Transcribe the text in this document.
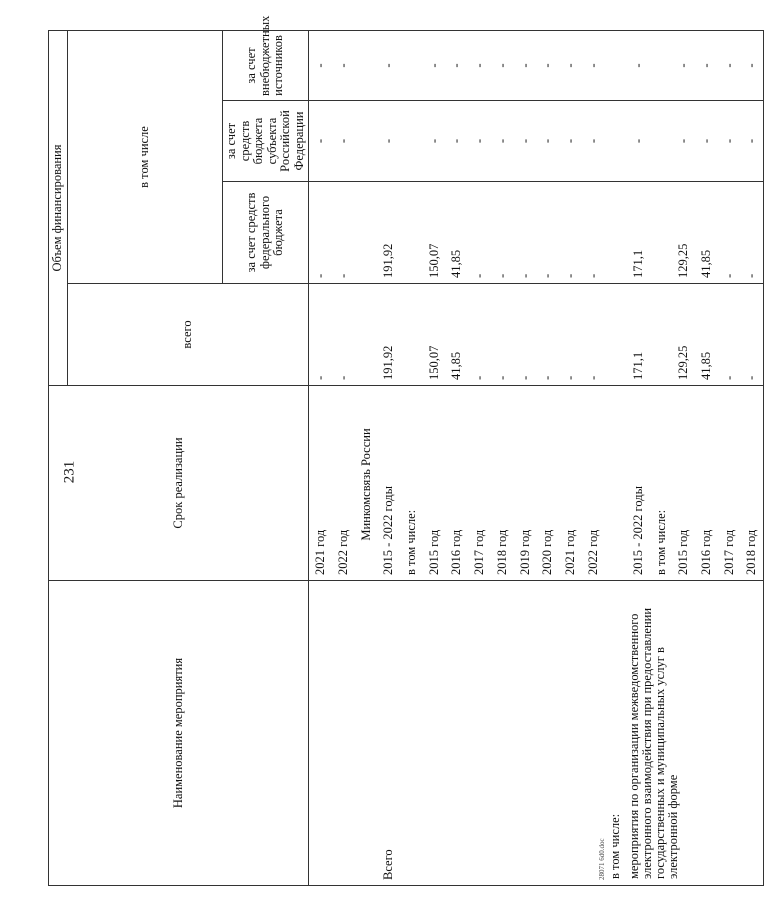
231
28071 6d0.doc
Наименование мероприятия	Срок реализации	Объем финансирования			
		всего	в том числе		
			за счет средств федерального бюджета	за счет средств бюджета субъекта Российской Федерации	за счет внебюджетных источников
	2021 год	-	-	-	-
	2022 год	-	-	-	-
	Минкомсвязь России				
Всего	2015 - 2022 годы	191,92	191,92	-	-
	в том числе:				
	2015 год	150,07	150,07	-	-
	2016 год	41,85	41,85	-	-
	2017 год	-	-	-	-
	2018 год	-	-	-	-
	2019 год	-	-	-	-
	2020 год	-	-	-	-
	2021 год	-	-	-	-
	2022 год	-	-	-	-
в том числе:					
мероприятия по организации межведомственного электронного взаимодействия при предоставлении государственных и муниципальных услуг в электронной форме	2015 - 2022 годы	171,1	171,1	-	-
	в том числе:				
	2015 год	129,25	129,25	-	-
	2016 год	41,85	41,85	-	-
	2017 год	-	-	-	-
	2018 год	-	-	-	-
